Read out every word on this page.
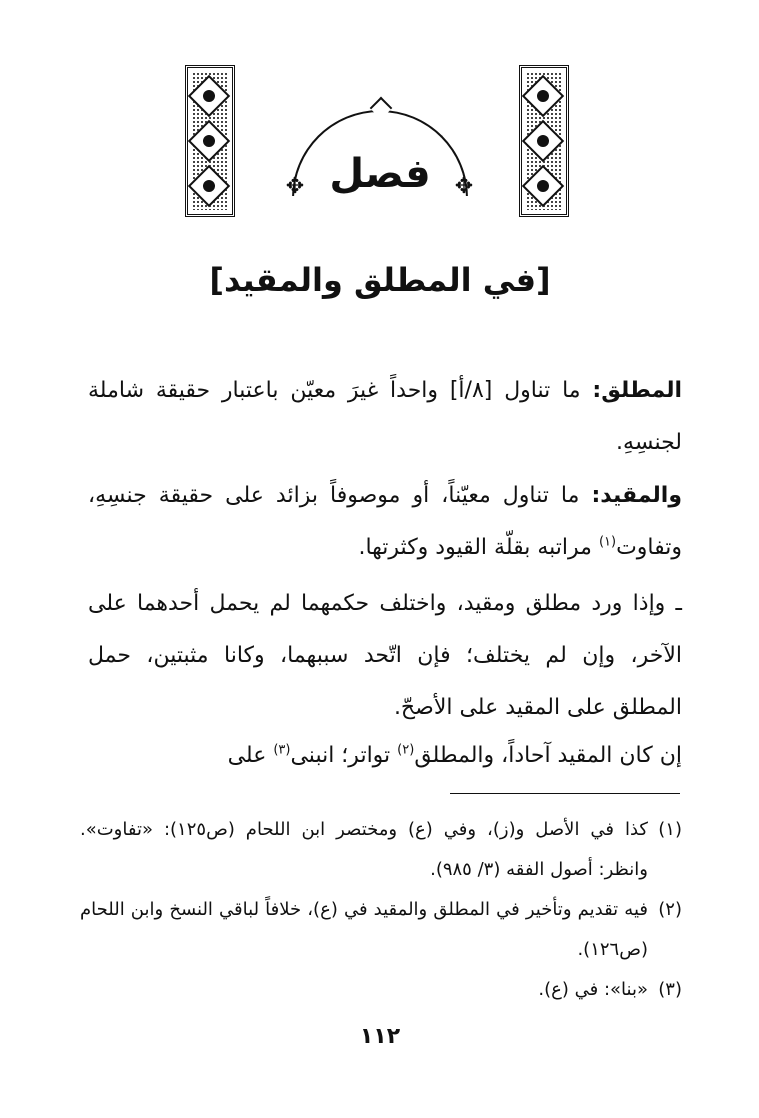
✥	✥
فصل
[في المطلق والمقيد]

المطلق: ما تناول [٨/أ] واحداً غيرَ معيّن باعتبار حقيقة شاملة لجنسِهِ.

والمقيد: ما تناول معيّناً، أو موصوفاً بزائد على حقيقة جنسِهِ، وتفاوت$^{(١)}$ مراتبه بقلّة القيود وكثرتها.

ـ وإذا ورد مطلق ومقيد، واختلف حكمهما لم يحمل أحدهما على الآخر، وإن لم يختلف؛ فإن اتّحد سببهما، وكانا مثبتين، حمل المطلق على المقيد على الأصحّ.

إن كان المقيد آحاداً، والمطلق$^{(٢)}$ تواتر؛ انبنى$^{(٣)}$ على

(١)
كذا في الأصل و(ز)، وفي (ع) ومختصر ابن اللحام (ص١٢٥): «تفاوت». وانظر: أصول الفقه (٣/ ٩٨٥).

(٢)
فيه تقديم وتأخير في المطلق والمقيد في (ع)، خلافاً لباقي النسخ وابن اللحام (ص١٢٦).

(٣)
«بنا»: في (ع).

١١٢
